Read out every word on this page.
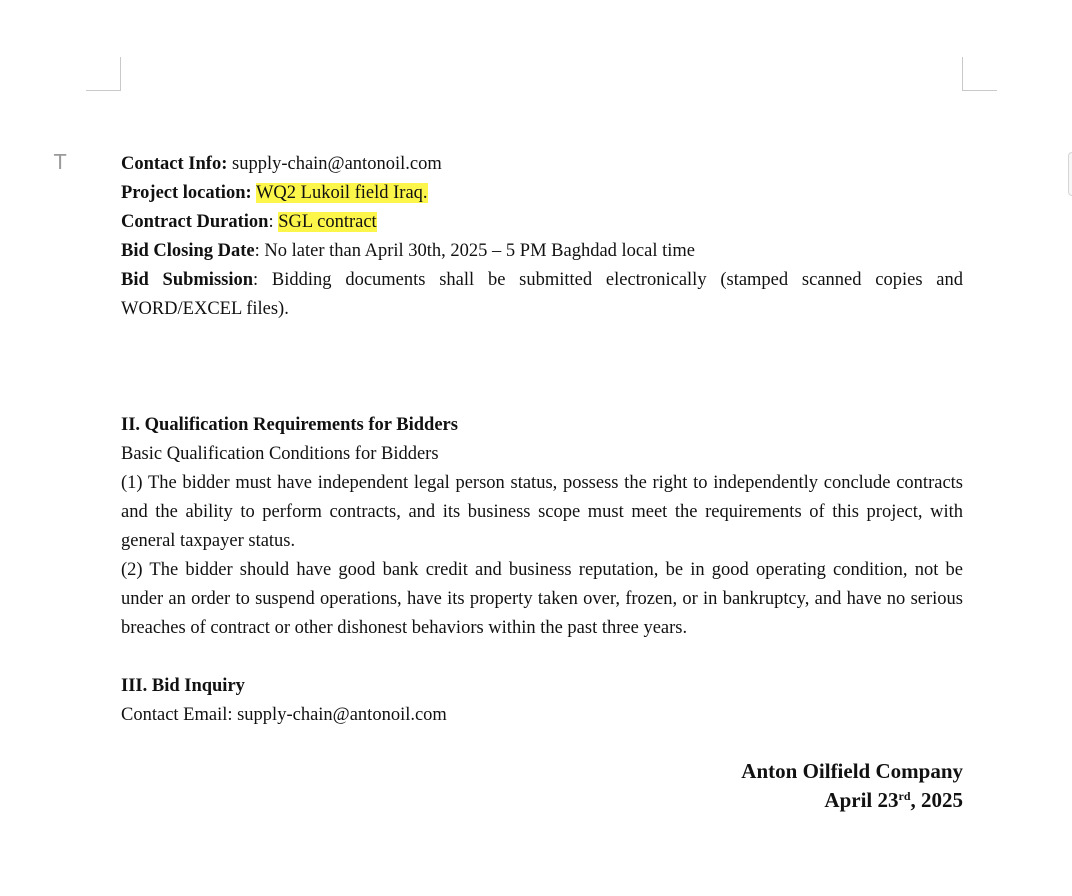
T	Contact Info: supply-chain@antonoil.com

Project location: WQ2 Lukoil field Iraq.

Contract Duration: SGL contract

Bid Closing Date: No later than April 30th, 2025 – 5 PM Baghdad local time

Bid Submission: Bidding documents shall be submitted electronically (stamped scanned copies and WORD/EXCEL files).

II. Qualification Requirements for Bidders

Basic Qualification Conditions for Bidders

(1) The bidder must have independent legal person status, possess the right to independently conclude contracts and the ability to perform contracts, and its business scope must meet the requirements of this project, with general taxpayer status.

(2) The bidder should have good bank credit and business reputation, be in good operating condition, not be under an order to suspend operations, have its property taken over, frozen, or in bankruptcy, and have no serious breaches of contract or other dishonest behaviors within the past three years.

III. Bid Inquiry

Contact Email: supply-chain@antonoil.com

Anton Oilfield Company
April 23rd, 2025
